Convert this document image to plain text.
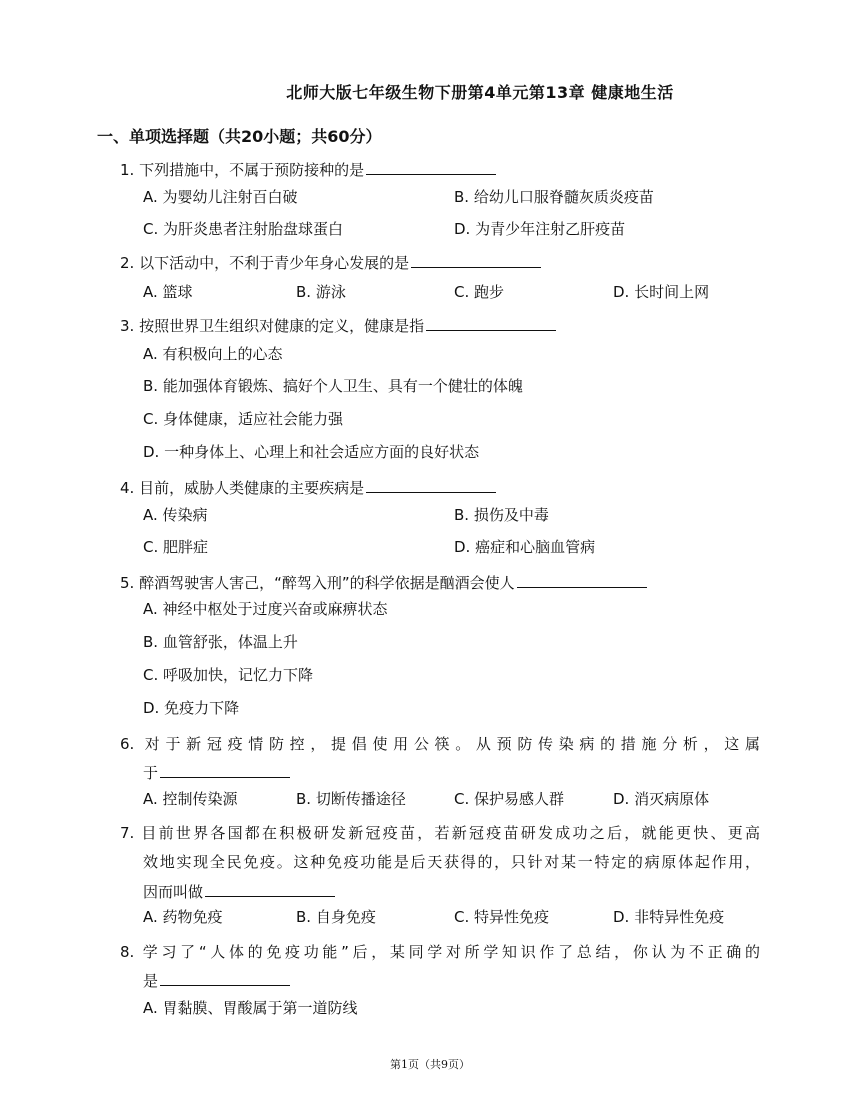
北师大版七年级生物下册第4单元第13章 健康地生活
一、单项选择题（共20小题；共60分）
1. 下列措施中，不属于预防接种的是
A. 为婴幼儿注射百白破	B. 给幼儿口服脊髓灰质炎疫苗
C. 为肝炎患者注射胎盘球蛋白	D. 为青少年注射乙肝疫苗
2. 以下活动中，不利于青少年身心发展的是
A. 篮球	B. 游泳	C. 跑步	D. 长时间上网
3. 按照世界卫生组织对健康的定义，健康是指
A. 有积极向上的心态
B. 能加强体育锻炼、搞好个人卫生、具有一个健壮的体魄
C. 身体健康，适应社会能力强
D. 一种身体上、心理上和社会适应方面的良好状态
4. 目前，威胁人类健康的主要疾病是
A. 传染病	B. 损伤及中毒
C. 肥胖症	D. 癌症和心脑血管病
5. 醉酒驾驶害人害己，“醉驾入刑”的科学依据是酗酒会使人
A. 神经中枢处于过度兴奋或麻痹状态
B. 血管舒张，体温上升
C. 呼吸加快，记忆力下降
D. 免疫力下降
6. 对于新冠疫情防控，提倡使用公筷。从预防传染病的措施分析，这属
于
A. 控制传染源	B. 切断传播途径	C. 保护易感人群	D. 消灭病原体
7. 目前世界各国都在积极研发新冠疫苗，若新冠疫苗研发成功之后，就能更快、更高
效地实现全民免疫。这种免疫功能是后天获得的，只针对某一特定的病原体起作用，
因而叫做
A. 药物免疫	B. 自身免疫	C. 特异性免疫	D. 非特异性免疫
8. 学习了“人体的免疫功能”后，某同学对所学知识作了总结，你认为不正确的
是
A. 胃黏膜、胃酸属于第一道防线
第1页（共9页）
